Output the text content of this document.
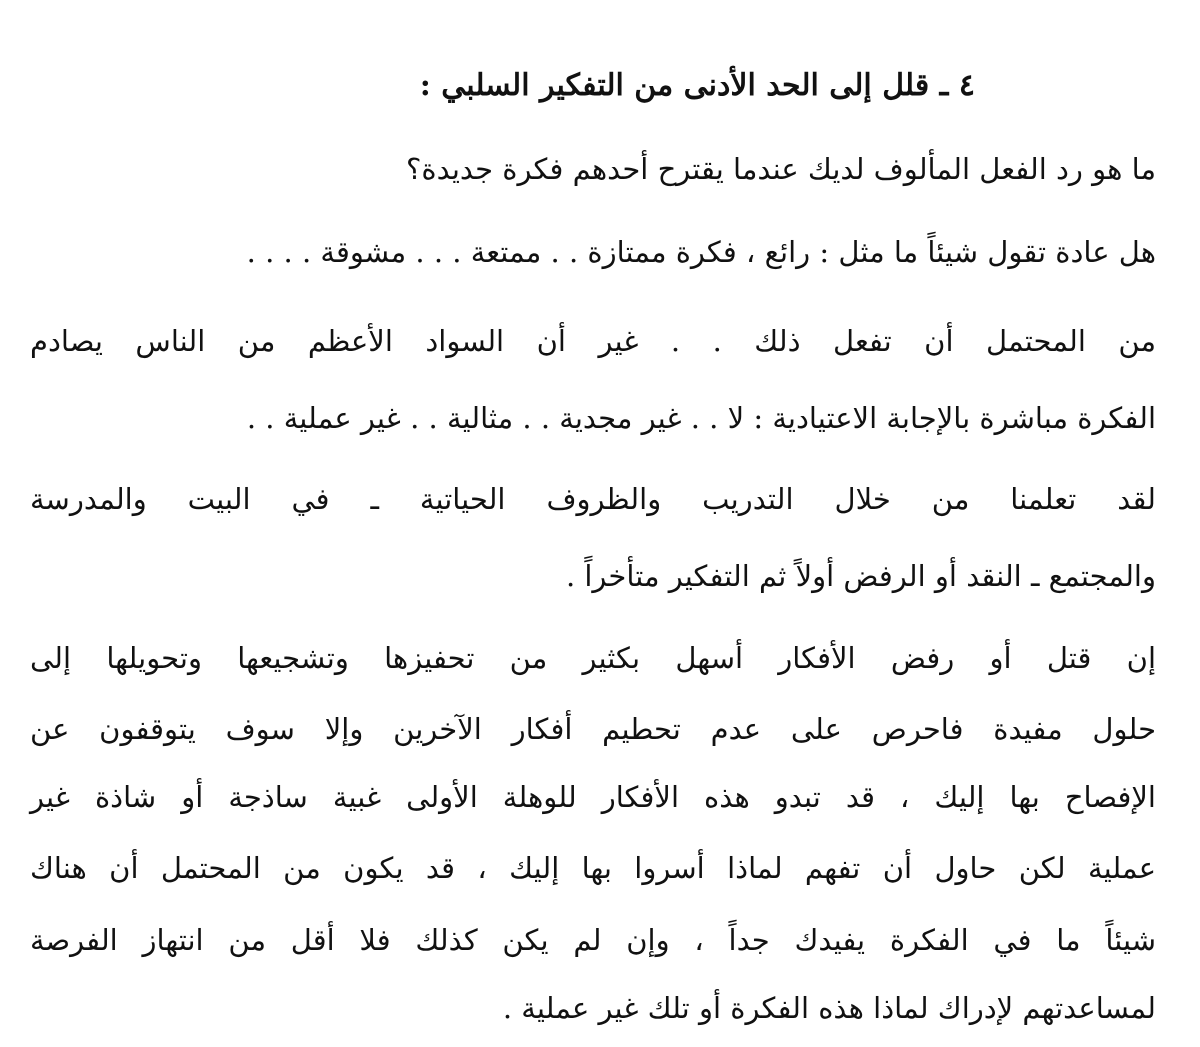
٤ ـ قلل إلى الحد الأدنى من التفكير السلبي :
ما هو رد الفعل المألوف لديك عندما يقترح أحدهم فكرة جديدة؟
هل عادة تقول شيئاً ما مثل : رائع ، فكرة ممتازة . . ممتعة . . . مشوقة . . . .
من المحتمل أن تفعل ذلك . . غير أن السواد الأعظم من الناس يصادم
الفكرة مباشرة بالإجابة الاعتيادية : لا . . غير مجدية . . مثالية . . غير عملية . .
لقد تعلمنا من خلال التدريب والظروف الحياتية ـ في البيت والمدرسة
والمجتمع ـ النقد أو الرفض أولاً ثم التفكير متأخراً .
إن قتل أو رفض الأفكار أسهل بكثير من تحفيزها وتشجيعها وتحويلها إلى
حلول مفيدة فاحرص على عدم تحطيم أفكار الآخرين وإلا سوف يتوقفون عن
الإفصاح بها إليك ، قد تبدو هذه الأفكار للوهلة الأولى غبية ساذجة أو شاذة غير
عملية لكن حاول أن تفهم لماذا أسروا بها إليك ، قد يكون من المحتمل أن هناك
شيئاً ما في الفكرة يفيدك جداً ، وإن لم يكن كذلك فلا أقل من انتهاز الفرصة
لمساعدتهم لإدراك لماذا هذه الفكرة أو تلك غير عملية .
